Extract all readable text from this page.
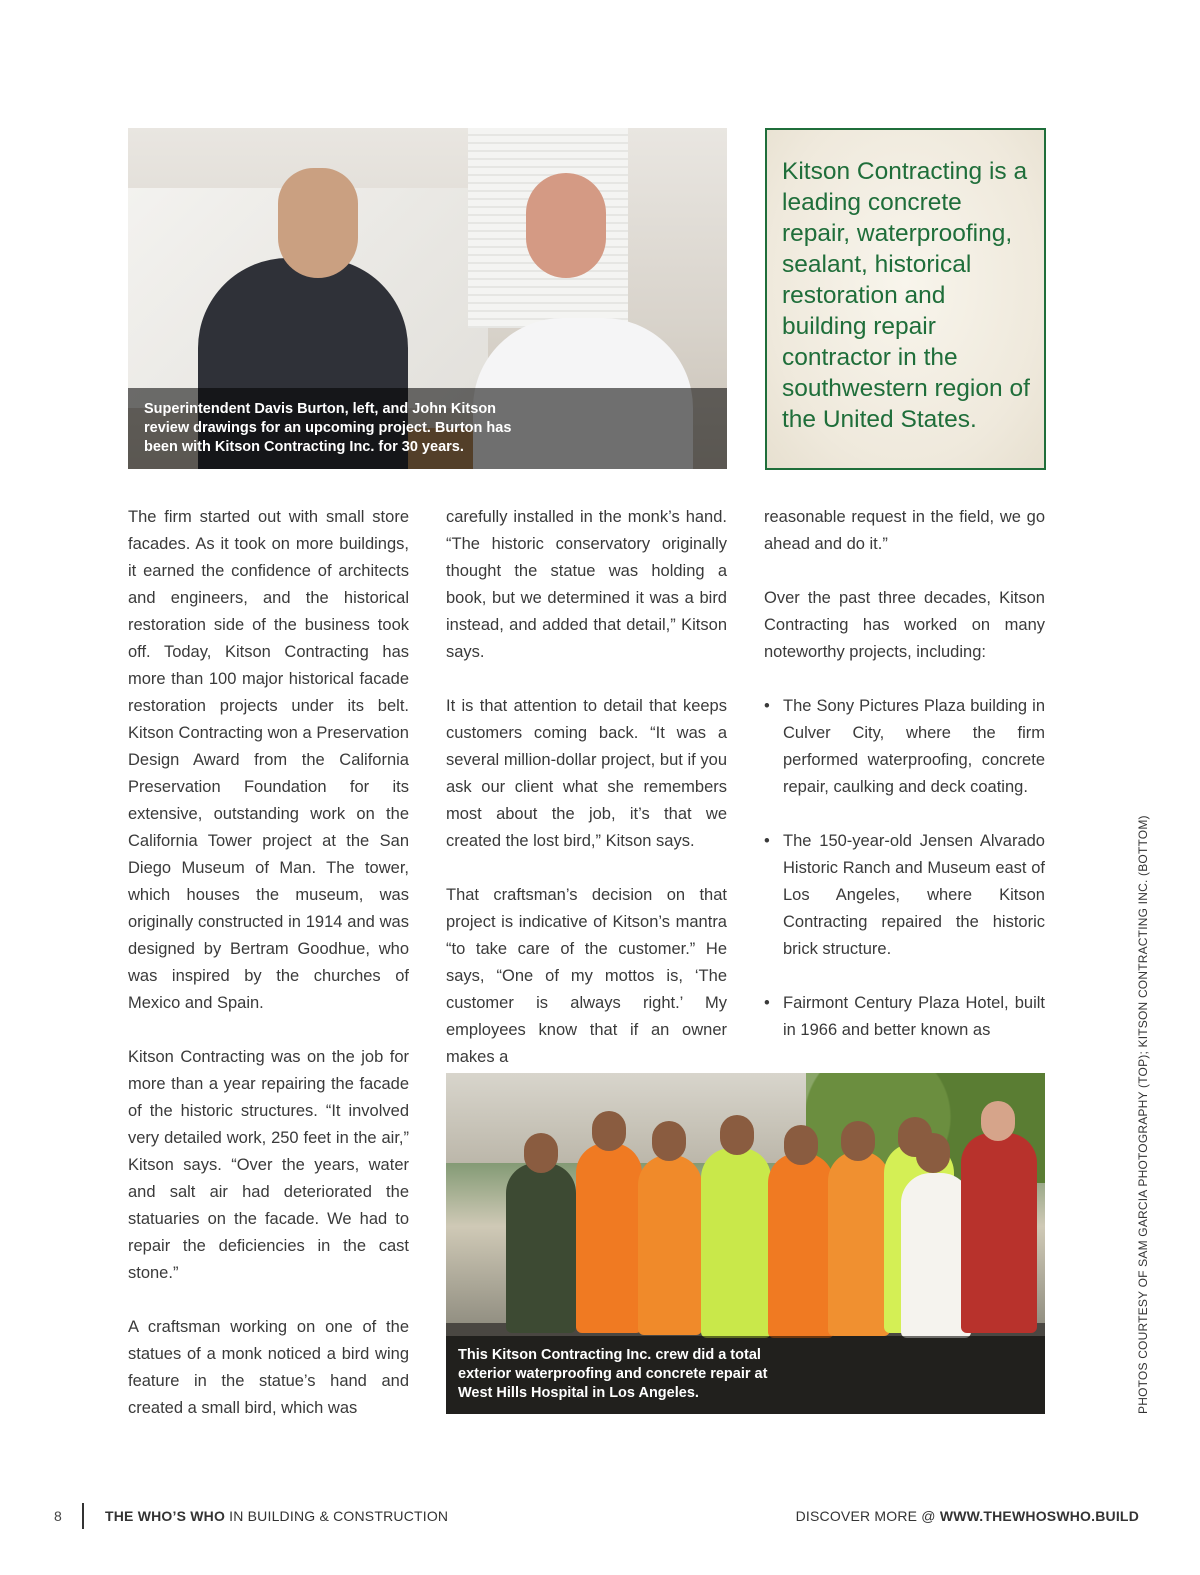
Superintendent Davis Burton, left, and John Kitson review drawings for an upcoming project. Burton has been with Kitson Contracting Inc. for 30 years.
Kitson Contracting is a leading concrete repair, waterproofing, sealant, historical restoration and building repair contractor in the southwestern region of the United States.

The firm started out with small store facades. As it took on more buildings, it earned the confidence of architects and engineers, and the historical restoration side of the business took off. Today, Kitson Contracting has more than 100 major historical facade restoration projects under its belt. Kitson Contracting won a Preservation Design Award from the California Preservation Foundation for its extensive, outstanding work on the California Tower project at the San Diego Museum of Man. The tower, which houses the museum, was originally constructed in 1914 and was designed by Bertram Goodhue, who was inspired by the churches of Mexico and Spain.

Kitson Contracting was on the job for more than a year repairing the facade of the historic structures. “It involved very detailed work, 250 feet in the air,” Kitson says. “Over the years, water and salt air had deteriorated the statuaries on the facade. We had to repair the deficiencies in the cast stone.”

A craftsman working on one of the statues of a monk noticed a bird wing feature in the statue’s hand and created a small bird, which was

carefully installed in the monk’s hand. “The historic conservatory originally thought the statue was holding a book, but we determined it was a bird instead, and added that detail,” Kitson says.

It is that attention to detail that keeps customers coming back. “It was a several million-dollar project, but if you ask our client what she remembers most about the job, it’s that we created the lost bird,” Kitson says.

That craftsman’s decision on that project is indicative of Kitson’s mantra “to take care of the customer.” He says, “One of my mottos is, ‘The customer is always right.’ My employees know that if an owner makes a

reasonable request in the field, we go ahead and do it.”

Over the past three decades, Kitson Contracting has worked on many noteworthy projects, including:

• The Sony Pictures Plaza building in Culver City, where the firm performed waterproofing, concrete repair, caulking and deck coating.
• The 150-year-old Jensen Alvarado Historic Ranch and Museum east of Los Angeles, where Kitson Contracting repaired the historic brick structure.
• Fairmont Century Plaza Hotel, built in 1966 and better known as
This Kitson Contracting Inc. crew did a total exterior waterproofing and concrete repair at West Hills Hospital in Los Angeles.	PHOTOS COURTESY OF SAM GARCIA PHOTOGRAPHY (TOP); KITSON CONTRACTING INC. (BOTTOM)
8	THE WHO’S WHO IN BUILDING & CONSTRUCTION	DISCOVER MORE @ WWW.THEWHOSWHO.BUILD
